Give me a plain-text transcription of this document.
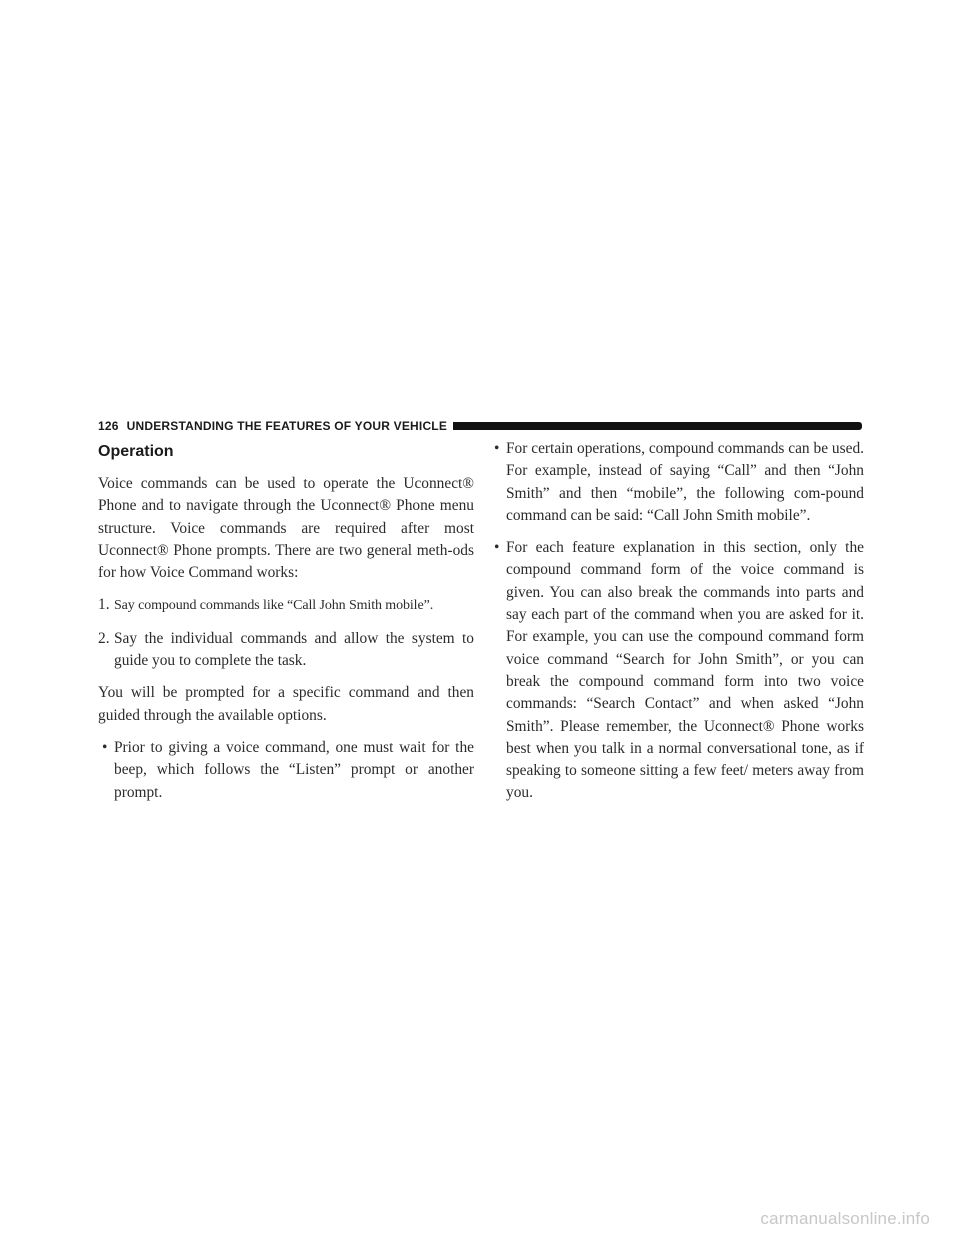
126 UNDERSTANDING THE FEATURES OF YOUR VEHICLE
Operation

Voice commands can be used to operate the Uconnect® Phone and to navigate through the Uconnect® Phone menu structure. Voice commands are required after most Uconnect® Phone prompts. There are two general meth-ods for how Voice Command works:

1. Say compound commands like “Call John Smith mobile”.
2. Say the individual commands and allow the system to guide you to complete the task.

You will be prompted for a specific command and then guided through the available options.

• Prior to giving a voice command, one must wait for the beep, which follows the “Listen” prompt or another prompt.
• For certain operations, compound commands can be used. For example, instead of saying “Call” and then “John Smith” and then “mobile”, the following com-pound command can be said: “Call John Smith mobile”.
• For each feature explanation in this section, only the compound command form of the voice command is given. You can also break the commands into parts and say each part of the command when you are asked for it. For example, you can use the compound command form voice command “Search for John Smith”, or you can break the compound command form into two voice commands: “Search Contact” and when asked “John Smith”. Please remember, the Uconnect® Phone works best when you talk in a normal conversational tone, as if speaking to someone sitting a few feet/ meters away from you.
carmanualsonline.info
